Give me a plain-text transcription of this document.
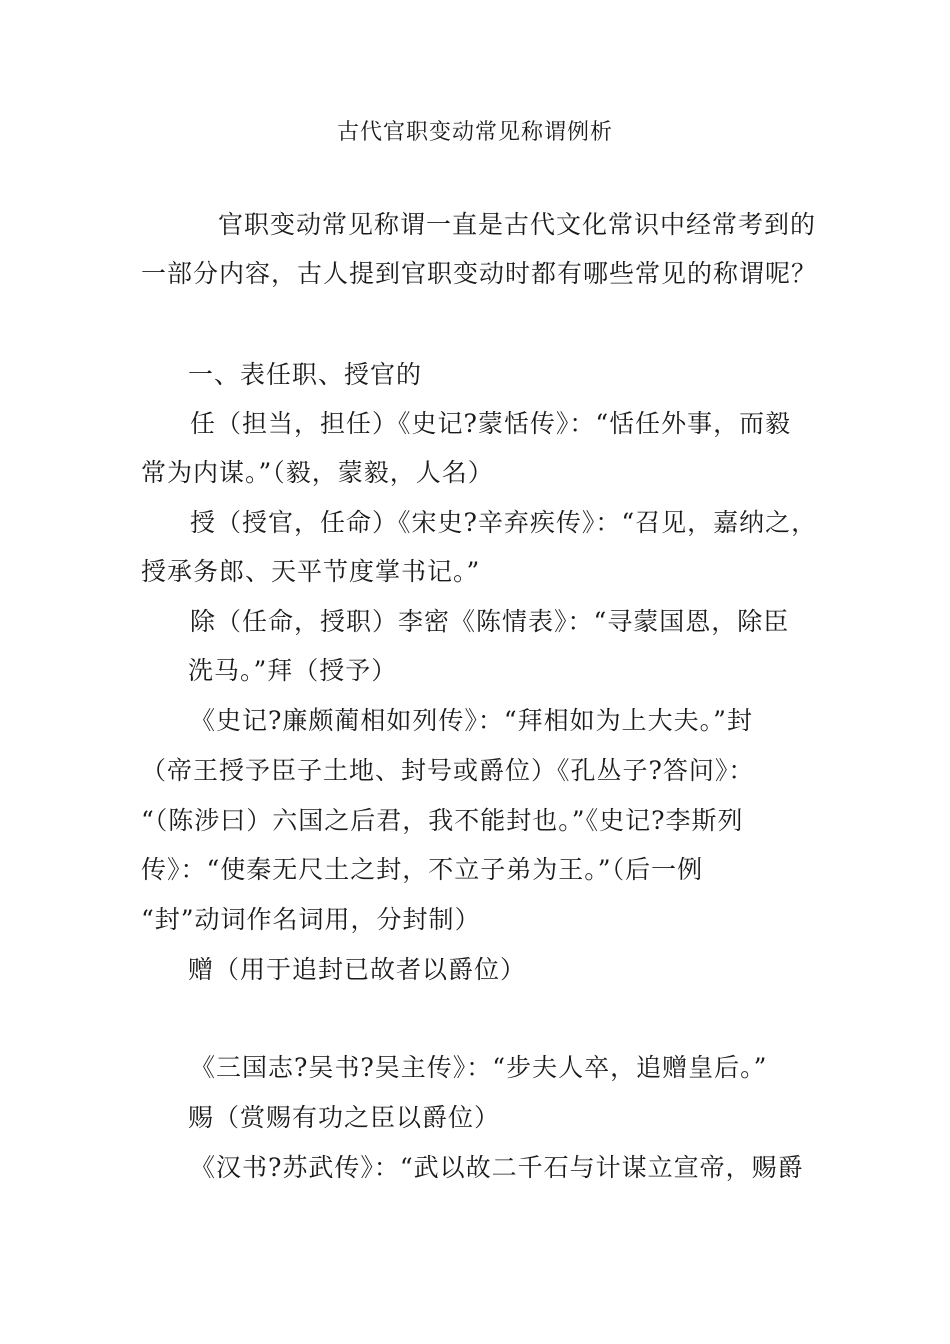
古代官职变动常见称谓例析
官职变动常见称谓一直是古代文化常识中经常考到的
一部分内容，古人提到官职变动时都有哪些常见的称谓呢？
一、表任职、授官的
任（担当，担任）《史记?蒙恬传》：“恬任外事，而毅
常为内谋。”（毅，蒙毅，人名）
授（授官，任命）《宋史?辛弃疾传》：“召见，嘉纳之，
授承务郎、天平节度掌书记。”
除（任命，授职）李密《陈情表》：“寻蒙国恩，除臣
洗马。”拜（授予）
《史记?廉颇蔺相如列传》：“拜相如为上大夫。”封
（帝王授予臣子土地、封号或爵位）《孔丛子?答问》：
“（陈涉曰）六国之后君，我不能封也。”《史记?李斯列
传》：“使秦无尺土之封，不立子弟为王。”（后一例
“封”动词作名词用，分封制）
赠（用于追封已故者以爵位）
《三国志?吴书?吴主传》：“步夫人卒，追赠皇后。”
赐（赏赐有功之臣以爵位）
《汉书?苏武传》：“武以故二千石与计谋立宣帝，赐爵
